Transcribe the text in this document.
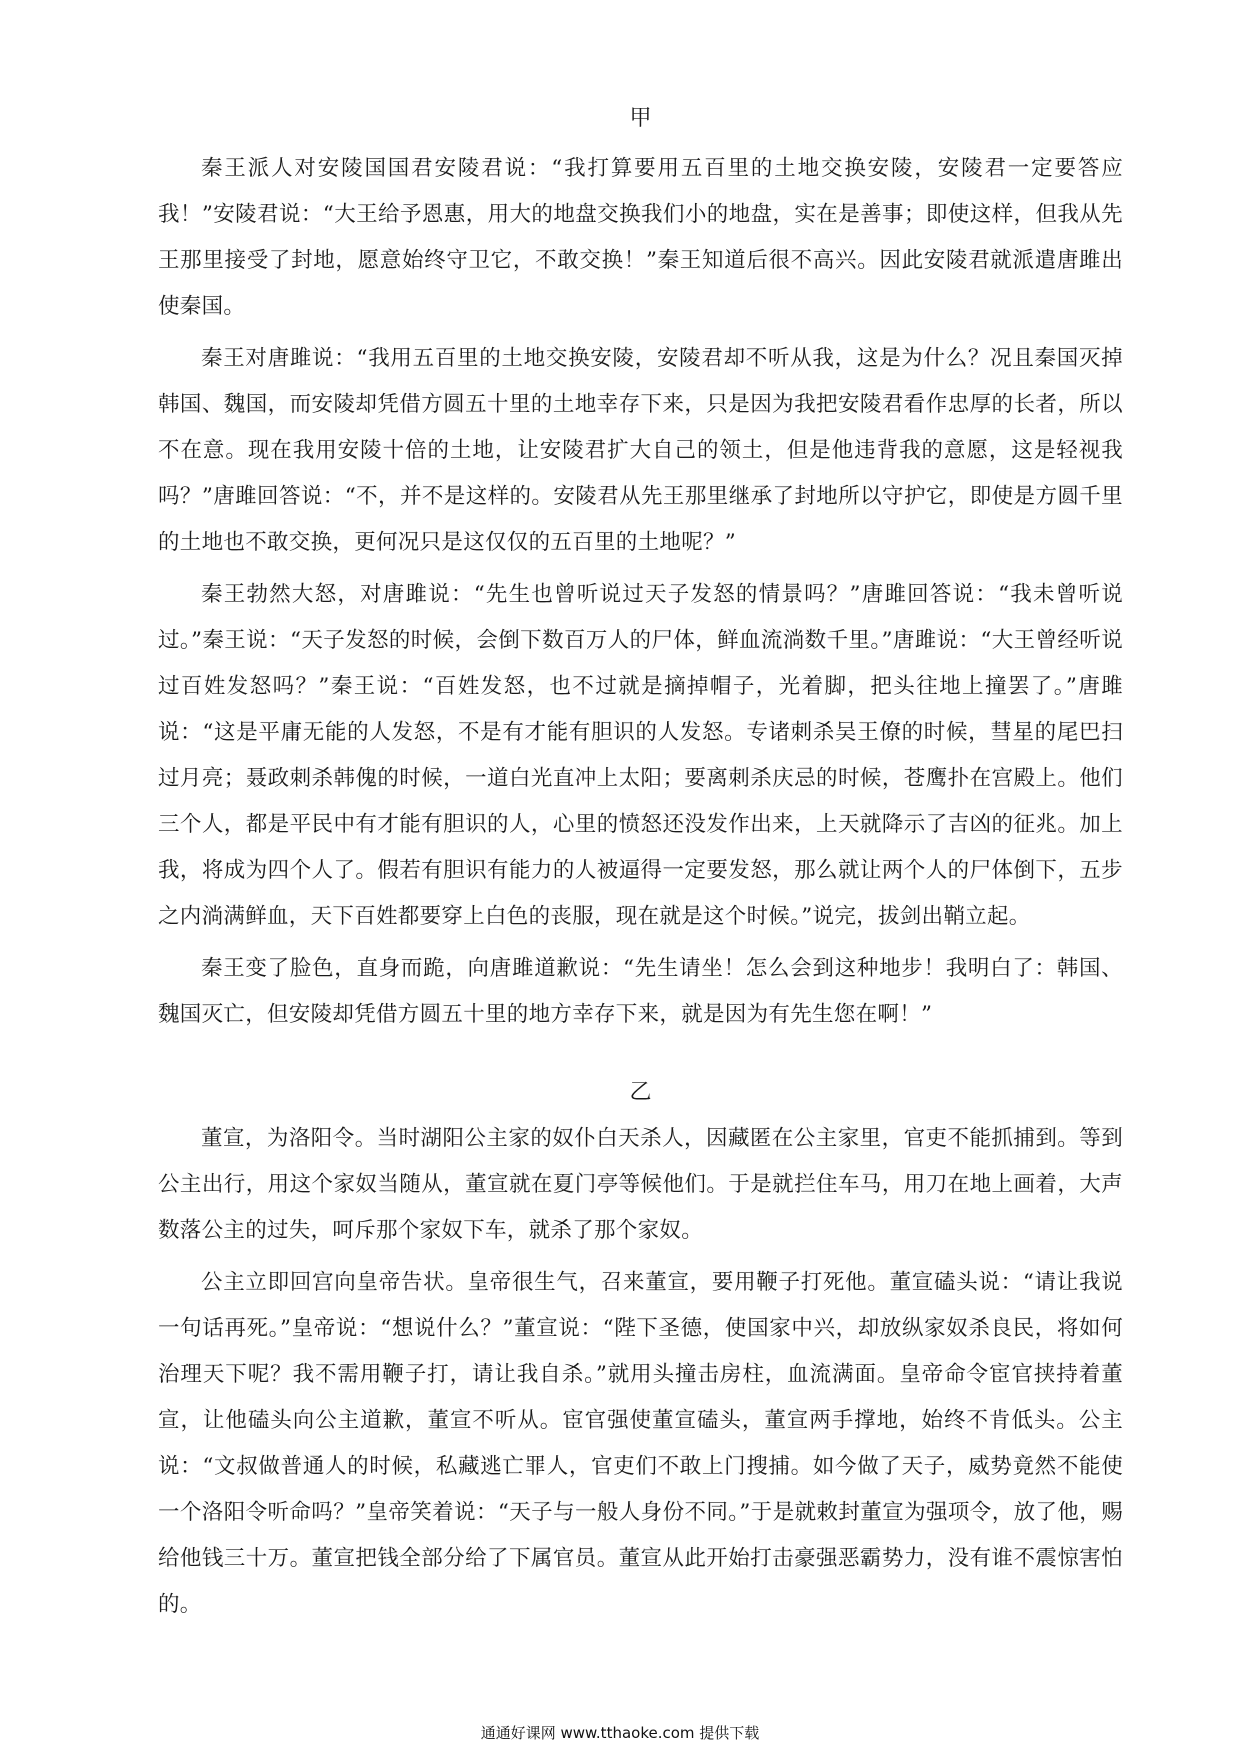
甲

秦王派人对安陵国国君安陵君说：“我打算要用五百里的土地交换安陵，安陵君一定要答应我！”安陵君说：“大王给予恩惠，用大的地盘交换我们小的地盘，实在是善事；即使这样，但我从先王那里接受了封地，愿意始终守卫它，不敢交换！”秦王知道后很不高兴。因此安陵君就派遣唐雎出使秦国。

秦王对唐雎说：“我用五百里的土地交换安陵，安陵君却不听从我，这是为什么？况且秦国灭掉韩国、魏国，而安陵却凭借方圆五十里的土地幸存下来，只是因为我把安陵君看作忠厚的长者，所以不在意。现在我用安陵十倍的土地，让安陵君扩大自己的领土，但是他违背我的意愿，这是轻视我吗？”唐雎回答说：“不，并不是这样的。安陵君从先王那里继承了封地所以守护它，即使是方圆千里的土地也不敢交换，更何况只是这仅仅的五百里的土地呢？”

秦王勃然大怒，对唐雎说：“先生也曾听说过天子发怒的情景吗？”唐雎回答说：“我未曾听说过。”秦王说：“天子发怒的时候，会倒下数百万人的尸体，鲜血流淌数千里。”唐雎说：“大王曾经听说过百姓发怒吗？”秦王说：“百姓发怒，也不过就是摘掉帽子，光着脚，把头往地上撞罢了。”唐雎说：“这是平庸无能的人发怒，不是有才能有胆识的人发怒。专诸刺杀吴王僚的时候，彗星的尾巴扫过月亮；聂政刺杀韩傀的时候，一道白光直冲上太阳；要离刺杀庆忌的时候，苍鹰扑在宫殿上。他们三个人，都是平民中有才能有胆识的人，心里的愤怒还没发作出来，上天就降示了吉凶的征兆。加上我，将成为四个人了。假若有胆识有能力的人被逼得一定要发怒，那么就让两个人的尸体倒下，五步之内淌满鲜血，天下百姓都要穿上白色的丧服，现在就是这个时候。”说完，拔剑出鞘立起。

秦王变了脸色，直身而跪，向唐雎道歉说：“先生请坐！怎么会到这种地步！我明白了：韩国、魏国灭亡，但安陵却凭借方圆五十里的地方幸存下来，就是因为有先生您在啊！”

乙

董宣，为洛阳令。当时湖阳公主家的奴仆白天杀人，因藏匿在公主家里，官吏不能抓捕到。等到公主出行，用这个家奴当随从，董宣就在夏门亭等候他们。于是就拦住车马，用刀在地上画着，大声数落公主的过失，呵斥那个家奴下车，就杀了那个家奴。

公主立即回宫向皇帝告状。皇帝很生气，召来董宣，要用鞭子打死他。董宣磕头说：“请让我说一句话再死。”皇帝说：“想说什么？”董宣说：“陛下圣德，使国家中兴，却放纵家奴杀良民，将如何治理天下呢？我不需用鞭子打，请让我自杀。”就用头撞击房柱，血流满面。皇帝命令宦官挟持着董宣，让他磕头向公主道歉，董宣不听从。宦官强使董宣磕头，董宣两手撑地，始终不肯低头。公主说：“文叔做普通人的时候，私藏逃亡罪人，官吏们不敢上门搜捕。如今做了天子，威势竟然不能使一个洛阳令听命吗？”皇帝笑着说：“天子与一般人身份不同。”于是就敕封董宣为强项令，放了他，赐给他钱三十万。董宣把钱全部分给了下属官员。董宣从此开始打击豪强恶霸势力，没有谁不震惊害怕的。

通通好课网 www.tthaoke.com 提供下载
